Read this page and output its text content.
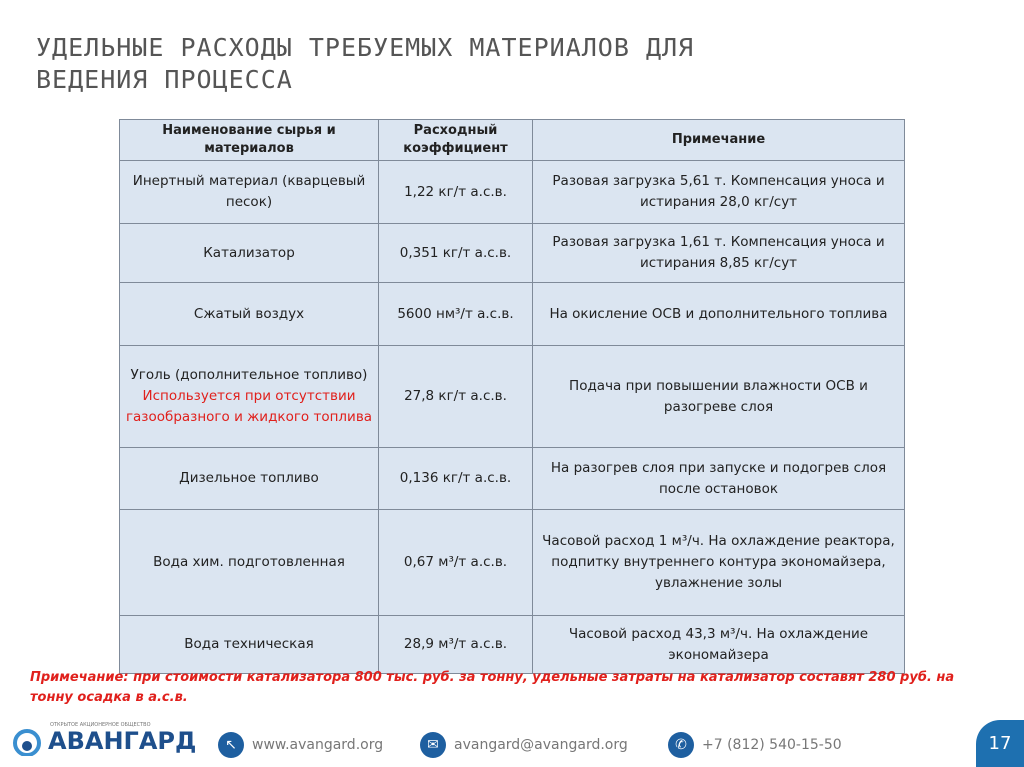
УДЕЛЬНЫЕ РАСХОДЫ ТРЕБУЕМЫХ МАТЕРИАЛОВ ДЛЯ
ВЕДЕНИЯ ПРОЦЕССА
Наименование сырья и материалов	Расходный коэффициент	Примечание
Инертный материал (кварцевый песок)	1,22 кг/т а.с.в.	Разовая загрузка 5,61 т. Компенсация уноса и истирания 28,0 кг/сут
Катализатор	0,351 кг/т а.с.в.	Разовая загрузка 1,61 т. Компенсация уноса и истирания 8,85 кг/сут
Сжатый воздух	5600 нм³/т а.с.в.	На окисление ОСВ и дополнительного топлива

Уголь (дополнительное топливо)
Используется при отсутствии газообразного и жидкого топлива	27,8 кг/т а.с.в.	Подача при повышении влажности ОСВ и разогреве слоя
Дизельное топливо	0,136 кг/т а.с.в.	На разогрев слоя при запуске и подогрев слоя после остановок
Вода хим. подготовленная	0,67 м³/т а.с.в.	Часовой расход 1 м³/ч. На охлаждение реактора, подпитку внутреннего контура экономайзера, увлажнение золы
Вода техническая	28,9 м³/т а.с.в.	Часовой расход 43,3 м³/ч. На охлаждение экономайзера
Примечание: при стоимости катализатора 800 тыс. руб. за тонну, удельные затраты на катализатор составят 280 руб. на тонну осадка в а.с.в.
ОТКРЫТОЕ АКЦИОНЕРНОЕ ОБЩЕСТВО
АВАНГАРД	↖	www.avangard.org	✉	avangard@avangard.org	✆	+7 (812) 540-15-50	17
